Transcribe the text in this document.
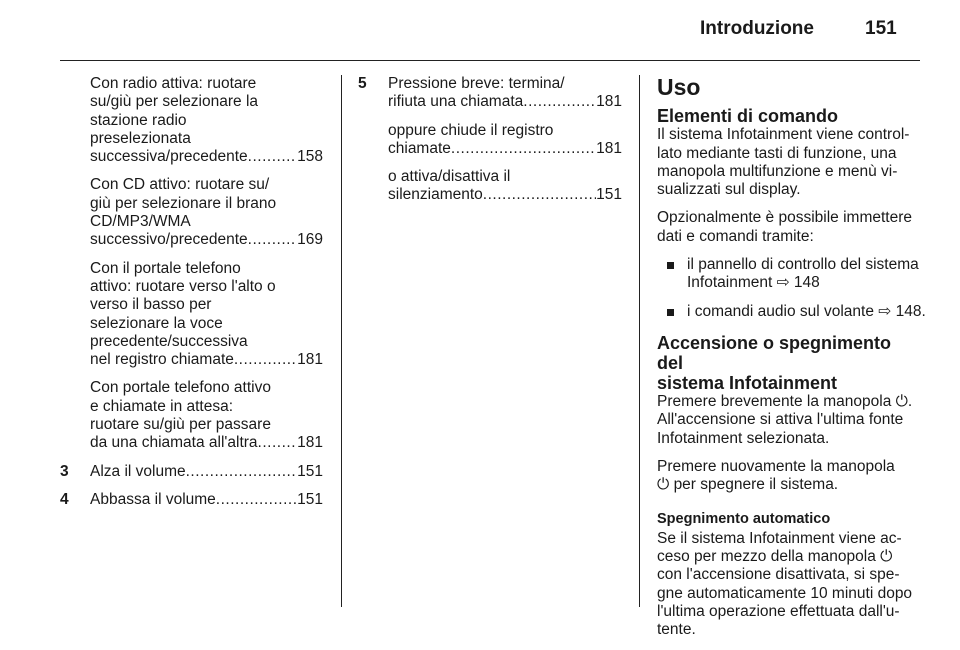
Introduzione	151
Con radio attiva: ruotare
su/giù per selezionare la
stazione radio
preselezionata
successiva/precedente .....	158
Con CD attivo: ruotare su/
giù per selezionare il brano
CD/MP3/WMA
successivo/precedente .....	169
Con il portale telefono
attivo: ruotare verso l'alto o
verso il basso per
selezionare la voce
precedente/successiva
nel registro chiamate .....	181
Con portale telefono attivo
e chiamate in attesa:
ruotare su/giù per passare
da una chiamata all'altra .....	181
3 Alza il volume .....	151
4 Abbassa il volume .....	151
5 Pressione breve: termina/
rifiuta una chiamata .....	181
oppure chiude il registro
chiamate .....	181
o attiva/disattiva il
silenziamento .....	151
Uso
Elementi di comando
Il sistema Infotainment viene control-
lato mediante tasti di funzione, una
manopola multifunzione e menù vi-
sualizzati sul display.
Opzionalmente è possibile immettere
dati e comandi tramite:
il pannello di controllo del sistema
Infotainment ⇨ 148
i comandi audio sul volante ⇨ 148.
Accensione o spegnimento del
sistema Infotainment
Premere brevemente la manopola ⏻.
All'accensione si attiva l'ultima fonte
Infotainment selezionata.
Premere nuovamente la manopola
⏻ per spegnere il sistema.
Spegnimento automatico
Se il sistema Infotainment viene ac-
ceso per mezzo della manopola ⏻
con l'accensione disattivata, si spe-
gne automaticamente 10 minuti dopo
l'ultima operazione effettuata dall'u-
tente.
